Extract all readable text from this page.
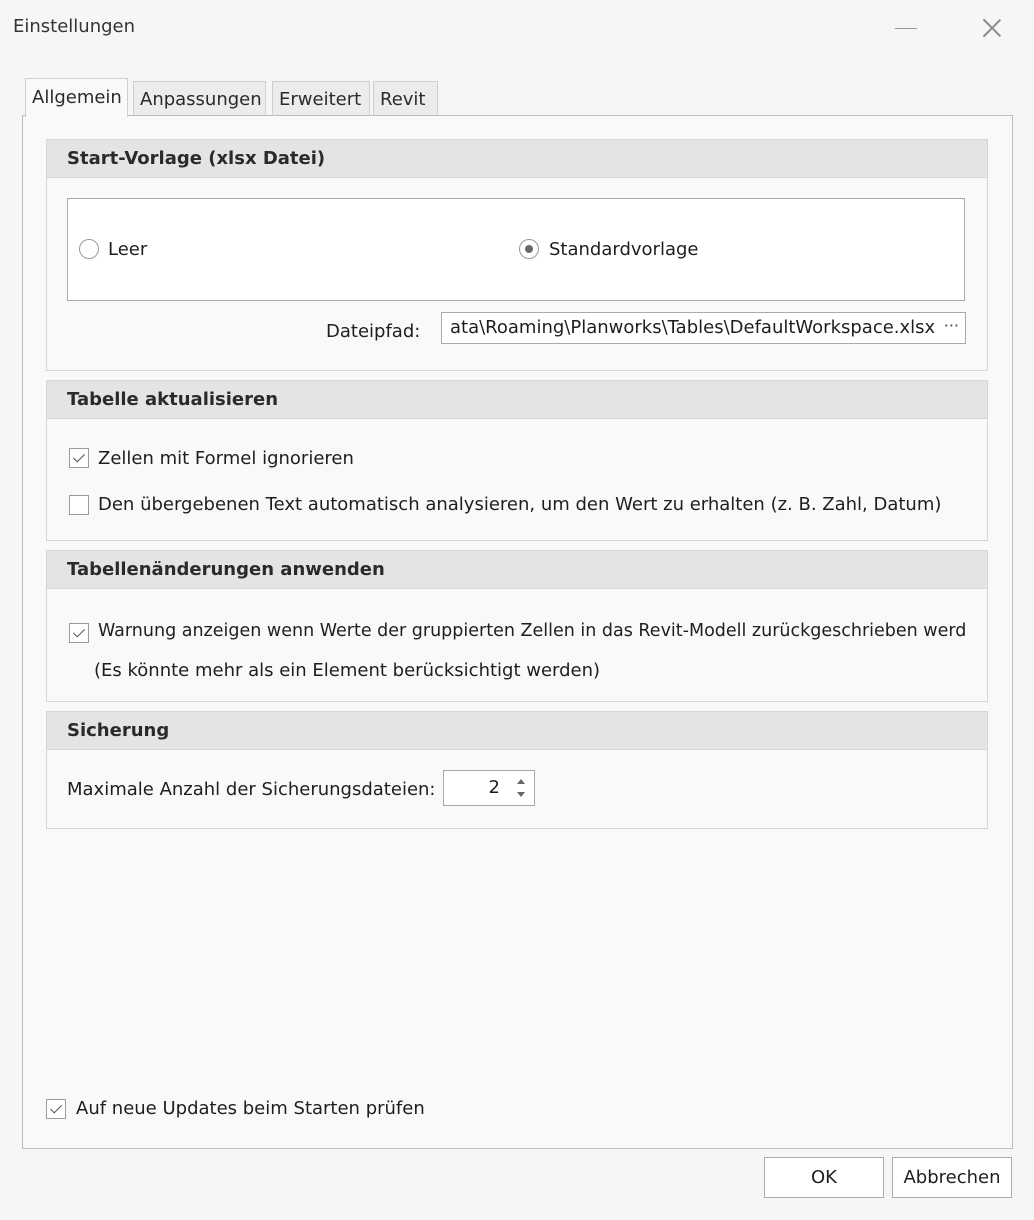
Einstellungen
Allgemein	Anpassungen Erweitert	Revit
Start-Vorlage (xlsx Datei)
Leer	Standardvorlage
Dateipfad: ata\Roaming\Planworks\Tables\DefaultWorkspace.xlsx ···
Tabelle aktualisieren
Zellen mit Formel ignorieren
Den übergebenen Text automatisch analysieren, um den Wert zu erhalten (z. B. Zahl, Datum)
Tabellenänderungen anwenden
Warnung anzeigen wenn Werte der gruppierten Zellen in das Revit-Modell zurückgeschrieben werd
(Es könnte mehr als ein Element berücksichtigt werden)
Sicherung
Maximale Anzahl der Sicherungsdateien:	2
Auf neue Updates beim Starten prüfen
OK	Abbrechen
